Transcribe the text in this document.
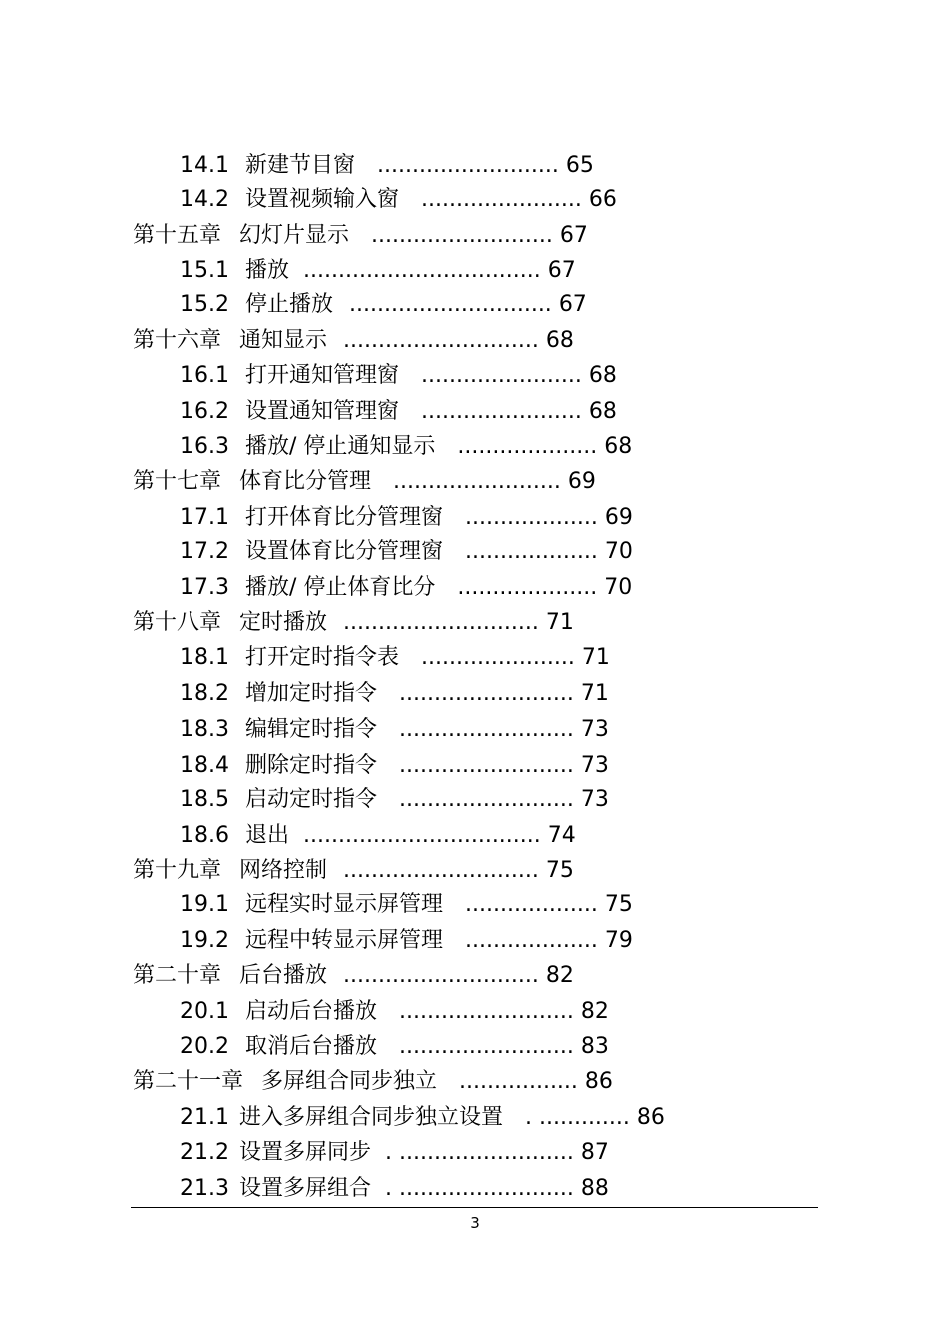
14.1 新建节目窗 .......................... 65
14.2 设置视频输入窗 ....................... 66
第十五章 幻灯片显示 .......................... 67
15.1 播放 .................................. 67
15.2 停止播放 ............................. 67
第十六章 通知显示 ............................ 68
16.1 打开通知管理窗 ....................... 68
16.2 设置通知管理窗 ....................... 68
16.3 播放/ 停止通知显示 .................... 68
第十七章 体育比分管理 ........................ 69
17.1 打开体育比分管理窗 ................... 69
17.2 设置体育比分管理窗 ................... 70
17.3 播放/ 停止体育比分 .................... 70
第十八章 定时播放 ............................ 71
18.1 打开定时指令表 ...................... 71
18.2 增加定时指令 ......................... 71
18.3 编辑定时指令 ......................... 73
18.4 删除定时指令 ......................... 73
18.5 启动定时指令 ......................... 73
18.6 退出 .................................. 74
第十九章 网络控制 ............................ 75
19.1 远程实时显示屏管理 ................... 75
19.2 远程中转显示屏管理 ................... 79
第二十章 后台播放 ............................ 82
20.1 启动后台播放 ......................... 82
20.2 取消后台播放 ......................... 83
第二十一章 多屏组合同步独立 ................. 86
21.1 进入多屏组合同步独立设置 . ............. 86
21.2 设置多屏同步 . ......................... 87
21.3 设置多屏组合 . ......................... 88
3
